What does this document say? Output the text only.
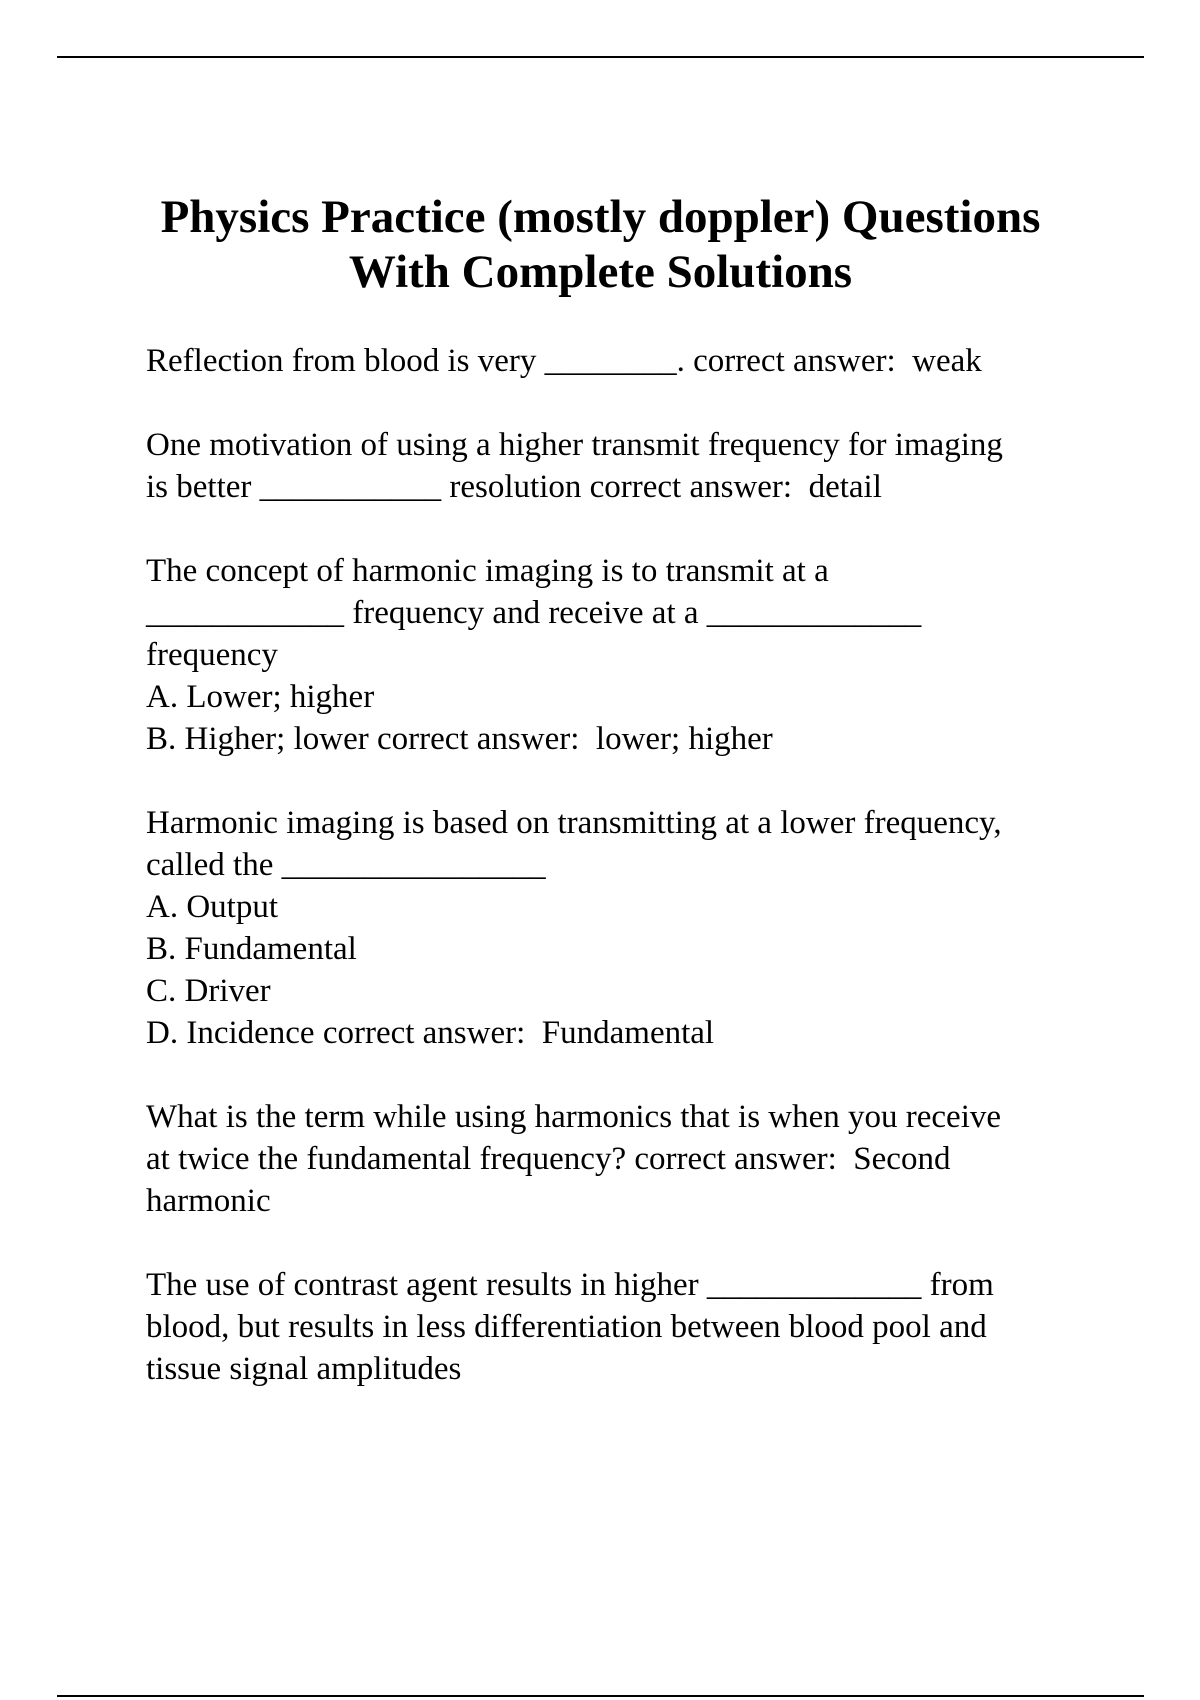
Physics Practice (mostly doppler) Questions
With Complete Solutions
Reflection from blood is very ________. correct answer:  weak
One motivation of using a higher transmit frequency for imaging
is better ___________ resolution correct answer:  detail
The concept of harmonic imaging is to transmit at a
____________ frequency and receive at a _____________
frequency
A. Lower; higher
B. Higher; lower correct answer:  lower; higher
Harmonic imaging is based on transmitting at a lower frequency,
called the ________________
A. Output
B. Fundamental
C. Driver
D. Incidence correct answer:  Fundamental
What is the term while using harmonics that is when you receive
at twice the fundamental frequency? correct answer:  Second
harmonic
The use of contrast agent results in higher _____________ from
blood, but results in less differentiation between blood pool and
tissue signal amplitudes
